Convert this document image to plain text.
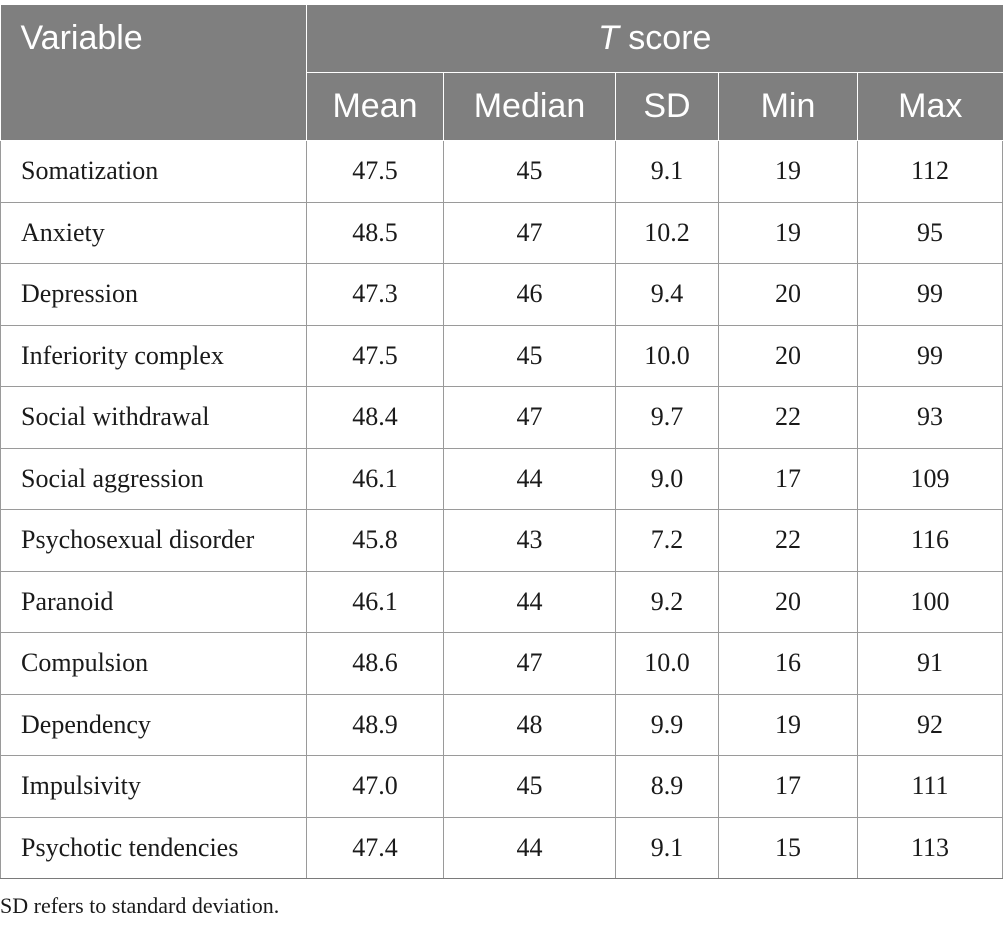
Variable	T score				
	Mean	Median	SD	Min	Max
Somatization	47.5	45	9.1	19	112
Anxiety	48.5	47	10.2	19	95
Depression	47.3	46	9.4	20	99
Inferiority complex	47.5	45	10.0	20	99
Social withdrawal	48.4	47	9.7	22	93
Social aggression	46.1	44	9.0	17	109
Psychosexual disorder	45.8	43	7.2	22	116
Paranoid	46.1	44	9.2	20	100
Compulsion	48.6	47	10.0	16	91
Dependency	48.9	48	9.9	19	92
Impulsivity	47.0	45	8.9	17	111
Psychotic tendencies	47.4	44	9.1	15	113

SD refers to standard deviation.
